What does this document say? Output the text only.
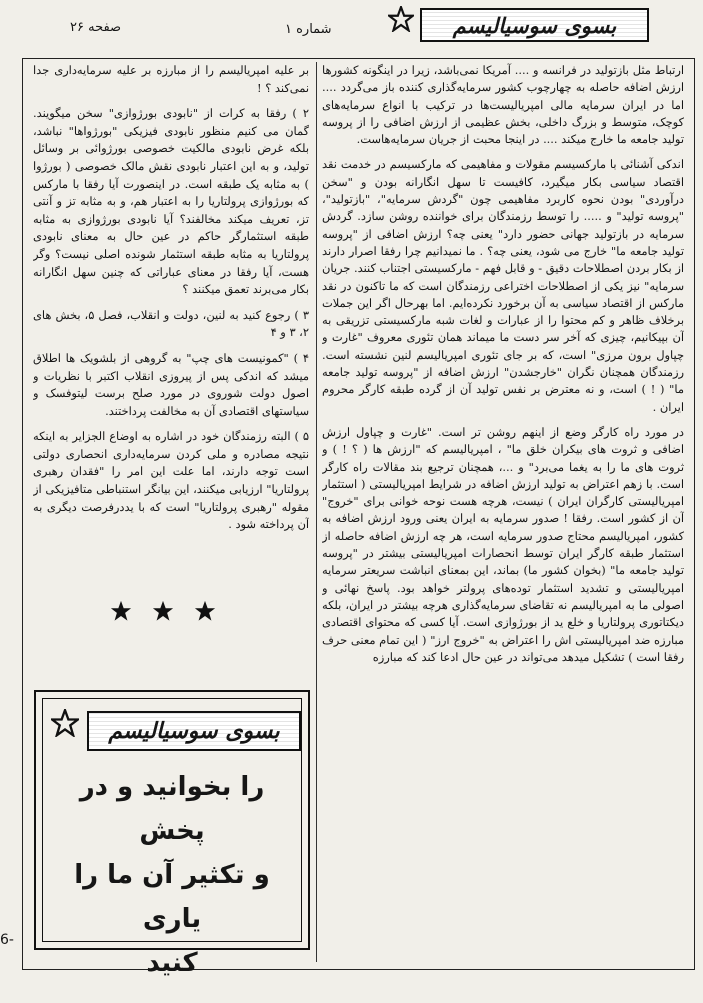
صفحه ۲۶	شماره ۱	بسوی سوسیالیسم

ارتباط مثل بازتولید در فرانسه و .... آمریکا نمی‌باشد، زیرا در اینگونه کشورها ارزش اضافه حاصله به چهارچوب کشور سرمایه‌گذاری کننده باز می‌گردد .... اما در ایران سرمایه مالی امپریالیست‌ها در ترکیب با انواع سرمایه‌های کوچک، متوسط و بزرگ داخلی، بخش عظیمی از ارزش اضافی را از پروسه تولید جامعه ما خارج میکند .... در اینجا محبت از جریان سرمایه‌هاست.

اندکی آشنائی با مارکسیسم مقولات و مفاهیمی که مارکسیسم در خدمت نقد اقتصاد سیاسی بکار میگیرد، کافیست تا سهل انگارانه بودن و "سخن درآوردی" بودن نحوه کاربرد مفاهیمی چون "گردش سرمایه"، "بازتولید"، "پروسه تولید" و ..... را توسط رزمندگان برای خواننده روشن سازد. گردش سرمایه در بازتولید جهانی حضور دارد" یعنی چه؟ ارزش اضافی از "پروسه تولید جامعه ما" خارج می شود، یعنی چه؟ . ما نمیدانیم چرا رفقا اصرار دارند از بکار بردن اصطلاحات دقیق - و قابل فهم - مارکسیستی اجتناب کنند. جریان سرمایه" نیز یکی از اصطلاحات اختراعی رزمندگان است که ما تاکنون در نقد مارکس از اقتصاد سیاسی به آن برخورد نکرده‌ایم. اما بهرحال اگر این جملات برخلاف ظاهر و کم محتوا را از عبارات و لغات شبه مارکسیستی تزریقی به آن بپیکانیم، چیزی که آخر سر دست ما میماند همان تئوری معروف "غارت و چپاول برون مرزی" است، که بر جای تئوری امپریالیسم لنین نشسته است. رزمندگان همچنان نگران "خارجشدن" ارزش اضافه از "پروسه تولید جامعه ما" ( ! ) است، و نه معترض بر نفس تولید آن از گرده طبقه کارگر محروم ایران .

در مورد راه کارگر وضع از اینهم روشن تر است. "غارت و چپاول ارزش اضافی و ثروت های بیکران خلق ما" ، امپریالیسم که "ارزش ها ( ؟ ! ) و ثروت های ما را به یغما می‌برد" و ...، همچنان ترجیع بند مقالات راه کارگر است. با زهم اعتراض به تولید ارزش اضافه در شرایط امپریالیستی ( استثمار امپریالیستی کارگران ایران ) نیست، هرچه هست نوحه خوانی برای "خروج" آن از کشور است. رفقا ! صدور سرمایه به ایران یعنی ورود ارزش اضافه به کشور، امپریالیسم محتاج صدور سرمایه است، هر چه ارزش اضافه حاصله از استثمار طبقه کارگر ایران توسط انحصارات امپریالیستی بیشتر در "پروسه تولید جامعه ما" (بخوان کشور ما) بماند، این بمعنای انباشت سریعتر سرمایه امپریالیستی و تشدید استثمار توده‌های پرولتر خواهد بود. پاسخ نهائی و اصولی ما به امپریالیسم نه تقاضای سرمایه‌گذاری هرچه بیشتر در ایران، بلکه دیکتاتوری پرولتاریا و خلع ید از بورژوازی است. آیا کسی که محتوای اقتصادی مبارزه ضد امپریالیستی اش را اعتراض به "خروج ارز" ( این تمام معنی حرف رفقا است ) تشکیل میدهد می‌تواند در عین حال ادعا کند که مبارزه

بر علیه امپریالیسم را از مبارزه بر علیه سرمایه‌داری جدا نمی‌کند ؟ !

۲ ) رفقا به کرات از "نابودی بورژوازی" سخن میگویند. گمان می کنیم منظور نابودی فیزیکی "بورژواها" نباشد، بلکه غرض نابودی مالکیت خصوصی بورژوائی بر وسائل تولید، و به این اعتبار نابودی نقش مالک خصوصی ( بورژوا ) به مثابه یک طبقه است. در اینصورت آیا رفقا با مارکس که بورژوازی پرولتاریا را به اعتبار هم، و به مثابه تز و آنتی تز، تعریف میکند مخالفند؟ آیا نابودی بورژوازی به مثابه طبقه استثمارگر حاکم در عین حال به معنای نابودی پرولتاریا به مثابه طبقه استثمار شونده اصلی نیست؟ وگر هست، آیا رفقا در معنای عباراتی که چنین سهل انگارانه بکار می‌برند تعمق میکنند ؟

۳ ) رجوع کنید به لنین، دولت و انقلاب، فصل ۵، بخش های ۲، ۳ و ۴

۴ ) "کمونیست های چپ" به گروهی از بلشویک ها اطلاق میشد که اندکی پس از پیروزی انقلاب اکتبر با نظریات و اصول دولت شوروی در مورد صلح برست لیتوفسک و سیاستهای اقتصادی آن به مخالفت پرداختند.

۵ ) البته رزمندگان خود در اشاره به اوضاع الجزایر به اینکه نتیجه مصادره و ملی کردن سرمایه‌داری انحصاری دولتی است توجه دارند، اما علت این امر را "فقدان رهبری پرولتاریا" ارزیابی میکنند، این بیانگر استنباطی متافیزیکی از مقوله "رهبری پرولتاریا" است که با یددرفرصت دیگری به آن پرداخته شود .

بسوی سوسیالیسم
را بخوانید و در پخش
و تکثیر آن ما را یاری
کنید
6-
